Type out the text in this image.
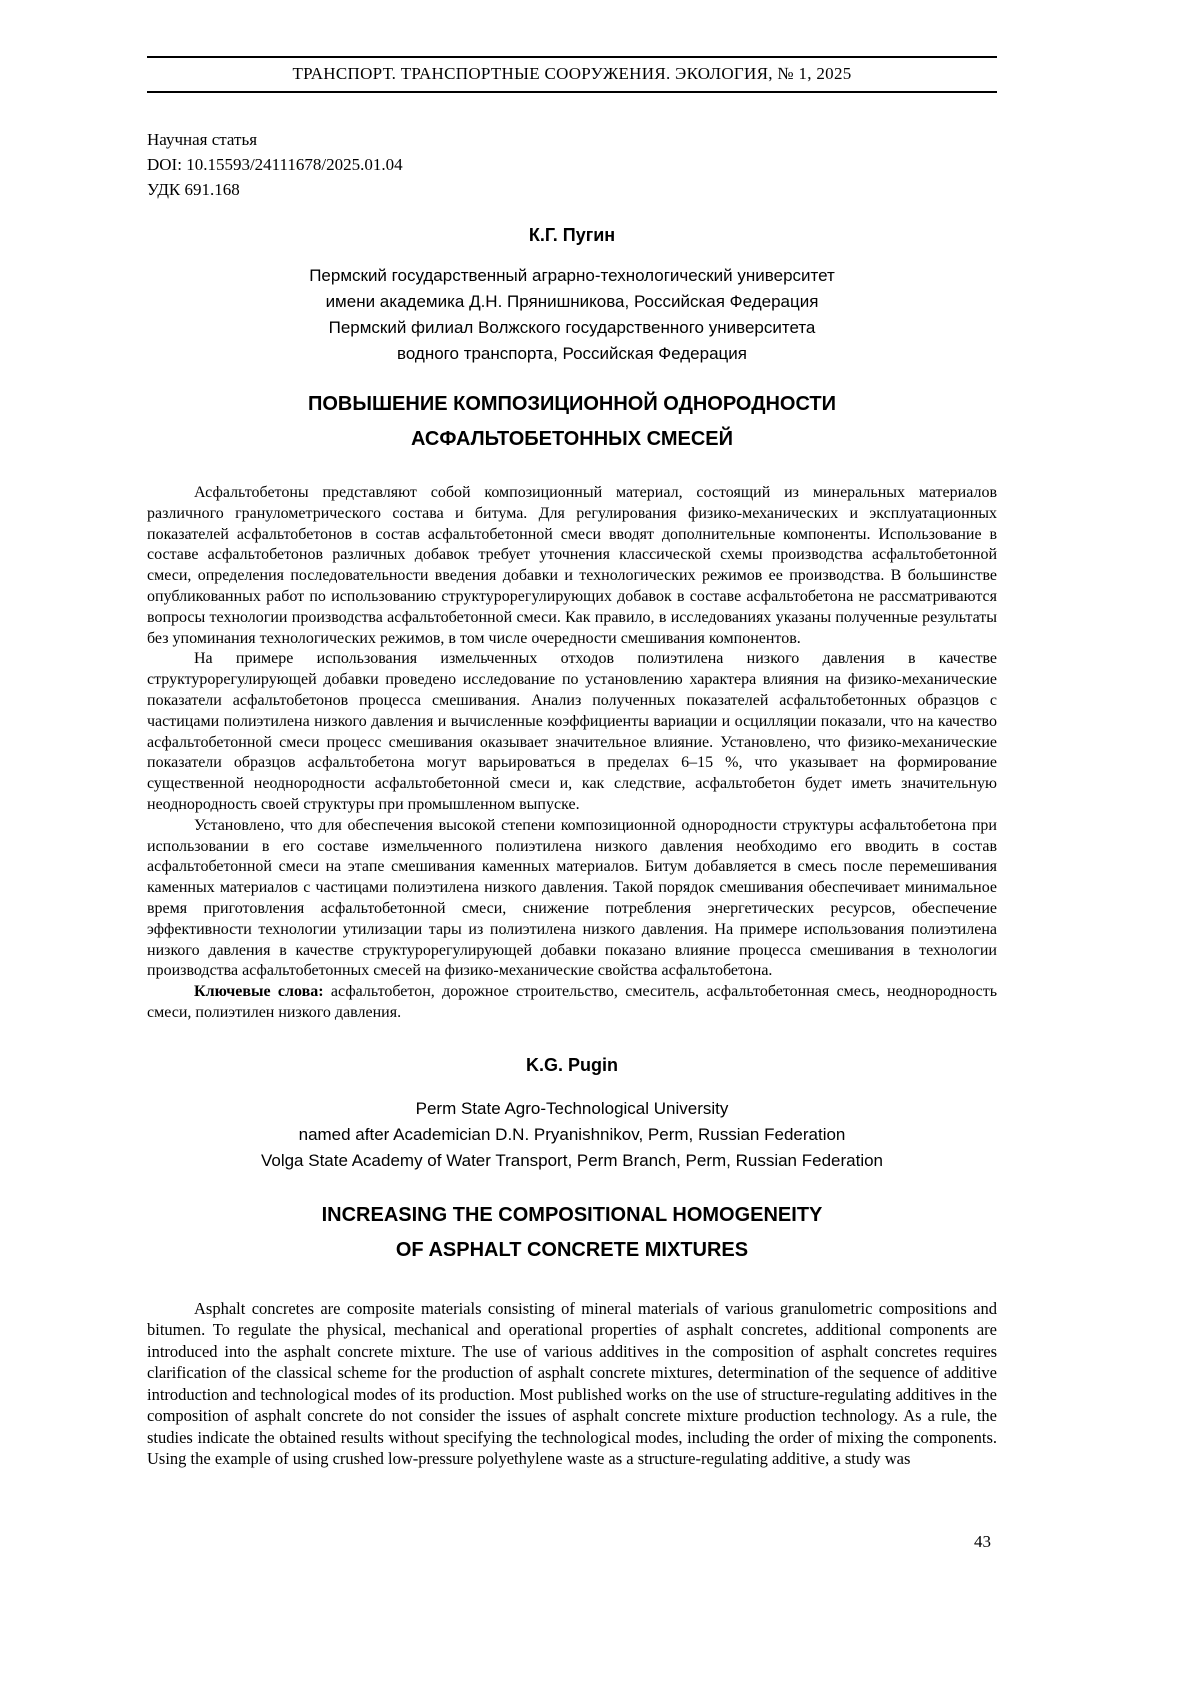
ТРАНСПОРТ. ТРАНСПОРТНЫЕ СООРУЖЕНИЯ. ЭКОЛОГИЯ, № 1, 2025
Научная статья
DOI: 10.15593/24111678/2025.01.04
УДК 691.168
К.Г. Пугин
Пермский государственный аграрно-технологический университет
имени академика Д.Н. Прянишникова, Российская Федерация
Пермский филиал Волжского государственного университета
водного транспорта, Российская Федерация
ПОВЫШЕНИЕ КОМПОЗИЦИОННОЙ ОДНОРОДНОСТИ
АСФАЛЬТОБЕТОННЫХ СМЕСЕЙ

Асфальтобетоны представляют собой композиционный материал, состоящий из минеральных материалов различного гранулометрического состава и битума. Для регулирования физико-механических и эксплуатационных показателей асфальтобетонов в состав асфальтобетонной смеси вводят дополнительные компоненты. Использование в составе асфальтобетонов различных добавок требует уточнения классической схемы производства асфальтобетонной смеси, определения последовательности введения добавки и технологических режимов ее производства. В большинстве опубликованных работ по использованию структурорегулирующих добавок в составе асфальтобетона не рассматриваются вопросы технологии производства асфальтобетонной смеси. Как правило, в исследованиях указаны полученные результаты без упоминания технологических режимов, в том числе очередности смешивания компонентов.

На примере использования измельченных отходов полиэтилена низкого давления в качестве структурорегулирующей добавки проведено исследование по установлению характера влияния на физико-механические показатели асфальтобетонов процесса смешивания. Анализ полученных показателей асфальтобетонных образцов с частицами полиэтилена низкого давления и вычисленные коэффициенты вариации и осцилляции показали, что на качество асфальтобетонной смеси процесс смешивания оказывает значительное влияние. Установлено, что физико-механические показатели образцов асфальтобетона могут варьироваться в пределах 6–15 %, что указывает на формирование существенной неоднородности асфальтобетонной смеси и, как следствие, асфальтобетон будет иметь значительную неоднородность своей структуры при промышленном выпуске.

Установлено, что для обеспечения высокой степени композиционной однородности структуры асфальтобетона при использовании в его составе измельченного полиэтилена низкого давления необходимо его вводить в состав асфальтобетонной смеси на этапе смешивания каменных материалов. Битум добавляется в смесь после перемешивания каменных материалов с частицами полиэтилена низкого давления. Такой порядок смешивания обеспечивает минимальное время приготовления асфальтобетонной смеси, снижение потребления энергетических ресурсов, обеспечение эффективности технологии утилизации тары из полиэтилена низкого давления. На примере использования полиэтилена низкого давления в качестве структурорегулирующей добавки показано влияние процесса смешивания в технологии производства асфальтобетонных смесей на физико-механические свойства асфальтобетона.

Ключевые слова: асфальтобетон, дорожное строительство, смеситель, асфальтобетонная смесь, неоднородность смеси, полиэтилен низкого давления.

K.G. Pugin
Perm State Agro-Technological University
named after Academician D.N. Pryanishnikov, Perm, Russian Federation
Volga State Academy of Water Transport, Perm Branch, Perm, Russian Federation
INCREASING THE COMPOSITIONAL HOMOGENEITY
OF ASPHALT CONCRETE MIXTURES

Asphalt concretes are composite materials consisting of mineral materials of various granulometric compositions and bitumen. To regulate the physical, mechanical and operational properties of asphalt concretes, additional components are introduced into the asphalt concrete mixture. The use of various additives in the composition of asphalt concretes requires clarification of the classical scheme for the production of asphalt concrete mixtures, determination of the sequence of additive introduction and technological modes of its production. Most published works on the use of structure-regulating additives in the composition of asphalt concrete do not consider the issues of asphalt concrete mixture production technology. As a rule, the studies indicate the obtained results without specifying the technological modes, including the order of mixing the components. Using the example of using crushed low-pressure polyethylene waste as a structure-regulating additive, a study was

43
